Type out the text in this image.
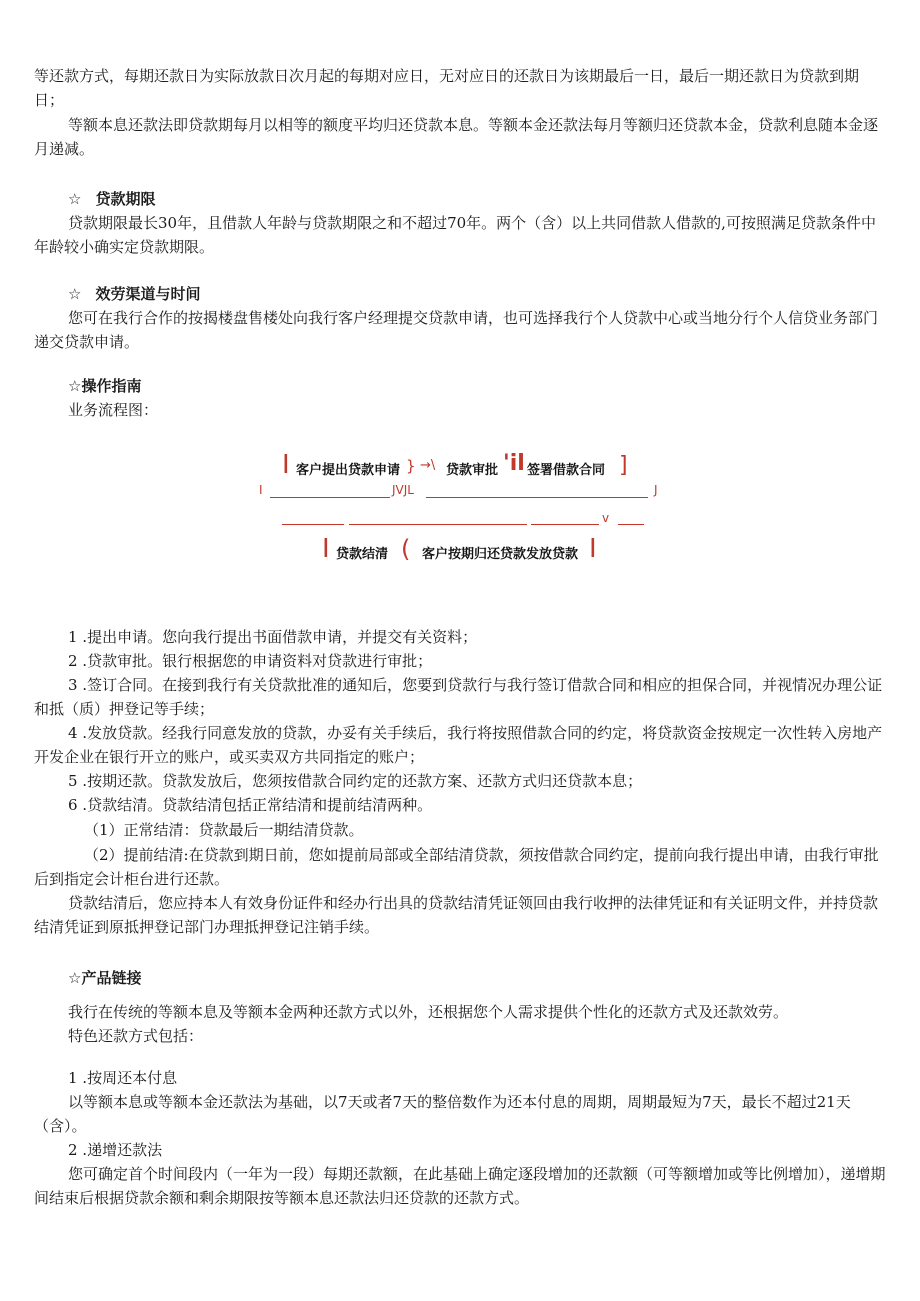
等还款方式，每期还款日为实际放款日次月起的每期对应日，无对应日的还款日为该期最后一日，最后一期还款日为贷款到期日；

等额本息还款法即贷款期每月以相等的额度平均归还贷款本息。等额本金还款法每月等额归还贷款本金，贷款利息随本金逐月递减。

☆ 贷款期限

贷款期限最长30年，且借款人年龄与贷款期限之和不超过70年。两个（含）以上共同借款人借款的,可按照满足贷款条件中年龄较小确实定贷款期限。

☆ 效劳渠道与时间

您可在我行合作的按揭楼盘售楼处向我行客户经理提交贷款申请，也可选择我行个人贷款中心或当地分行个人信贷业务部门递交贷款申请。

☆操作指南

业务流程图：

I 客户提出贷款申请 } →\ 贷款审批 'il 签署借款合同 ]
I	JVJL	J
v
I 贷款结清 ( 客户按期归还贷款发放贷款 I

1 .提出申请。您向我行提出书面借款申请，并提交有关资料；

2 .贷款审批。银行根据您的申请资料对贷款进行审批；

3 .签订合同。在接到我行有关贷款批准的通知后，您要到贷款行与我行签订借款合同和相应的担保合同，并视情况办理公证和抵（质）押登记等手续；

4 .发放贷款。经我行同意发放的贷款，办妥有关手续后，我行将按照借款合同的约定，将贷款资金按规定一次性转入房地产开发企业在银行开立的账户，或买卖双方共同指定的账户；

5 .按期还款。贷款发放后，您须按借款合同约定的还款方案、还款方式归还贷款本息；

6 .贷款结清。贷款结清包括正常结清和提前结清两种。

（1）正常结清：贷款最后一期结清贷款。

（2）提前结清:在贷款到期日前，您如提前局部或全部结清贷款，须按借款合同约定，提前向我行提出申请，由我行审批后到指定会计柜台进行还款。

贷款结清后，您应持本人有效身份证件和经办行出具的贷款结清凭证领回由我行收押的法律凭证和有关证明文件，并持贷款结清凭证到原抵押登记部门办理抵押登记注销手续。

☆产品链接

我行在传统的等额本息及等额本金两种还款方式以外，还根据您个人需求提供个性化的还款方式及还款效劳。

特色还款方式包括：

1 .按周还本付息

以等额本息或等额本金还款法为基础，以7天或者7天的整倍数作为还本付息的周期，周期最短为7天，最长不超过21天（含）。

2 .递增还款法

您可确定首个时间段内（一年为一段）每期还款额，在此基础上确定逐段增加的还款额（可等额增加或等比例增加），递增期间结束后根据贷款余额和剩余期限按等额本息还款法归还贷款的还款方式。
